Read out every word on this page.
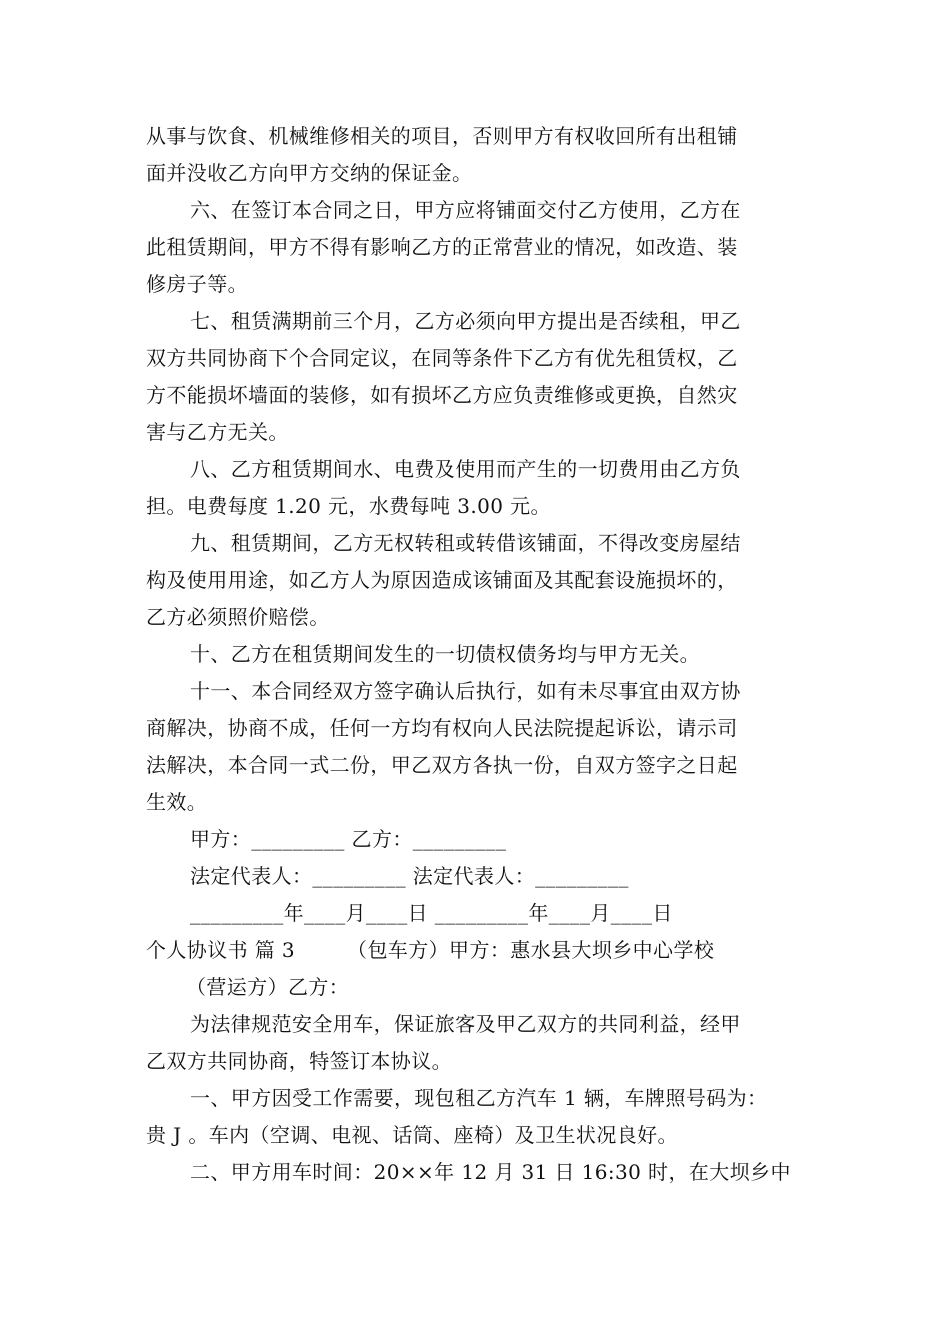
从事与饮食、机械维修相关的项目，否则甲方有权收回所有出租铺
面并没收乙方向甲方交纳的保证金。
六、在签订本合同之日，甲方应将铺面交付乙方使用，乙方在
此租赁期间，甲方不得有影响乙方的正常营业的情况，如改造、装
修房子等。
七、租赁满期前三个月，乙方必须向甲方提出是否续租，甲乙
双方共同协商下个合同定议，在同等条件下乙方有优先租赁权，乙
方不能损坏墙面的装修，如有损坏乙方应负责维修或更换，自然灾
害与乙方无关。
八、乙方租赁期间水、电费及使用而产生的一切费用由乙方负
担。电费每度 1.20 元，水费每吨 3.00 元。
九、租赁期间，乙方无权转租或转借该铺面，不得改变房屋结
构及使用用途，如乙方人为原因造成该铺面及其配套设施损坏的，
乙方必须照价赔偿。
十、乙方在租赁期间发生的一切债权债务均与甲方无关。
十一、本合同经双方签字确认后执行，如有未尽事宜由双方协
商解决，协商不成，任何一方均有权向人民法院提起诉讼，请示司
法解决，本合同一式二份，甲乙双方各执一份，自双方签字之日起
生效。
甲方：_________ 乙方：_________
法定代表人：_________ 法定代表人：_________
_________年____月____日 _________年____月____日
个人协议书 篇 3	（包车方）甲方：惠水县大坝乡中心学校
（营运方）乙方：
为法律规范安全用车，保证旅客及甲乙双方的共同利益，经甲
乙双方共同协商，特签订本协议。
一、甲方因受工作需要，现包租乙方汽车 1 辆，车牌照号码为：
贵 J 。车内（空调、电视、话筒、座椅）及卫生状况良好。
二、甲方用车时间：20××年 12 月 31 日 16:30 时，在大坝乡中
